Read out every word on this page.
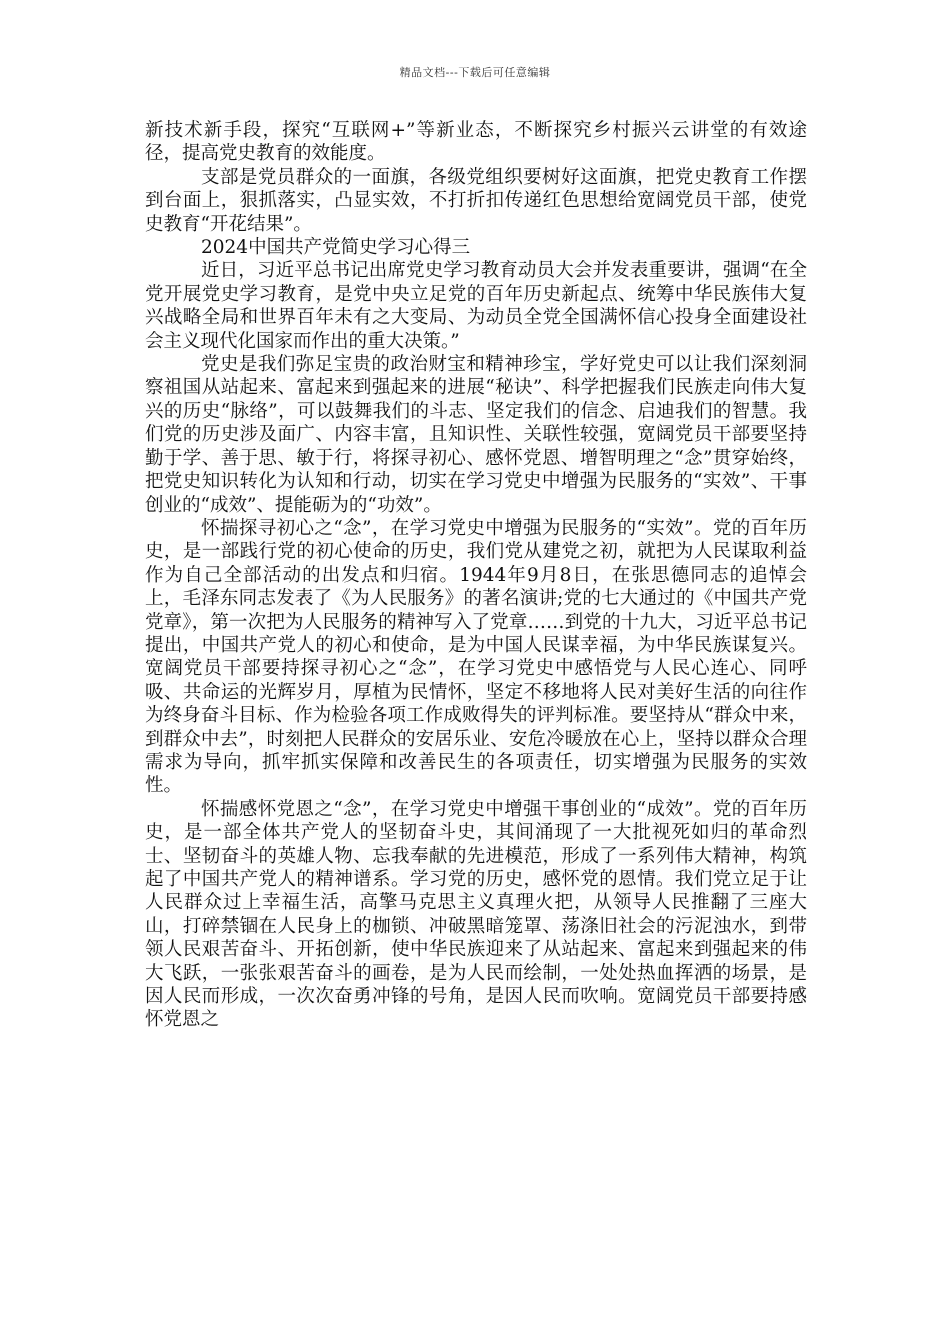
精品文档---下载后可任意编辑

新技术新手段，探究“互联网+”等新业态，不断探究乡村振兴云讲堂的有效途径，提高党史教育的效能度。

支部是党员群众的一面旗，各级党组织要树好这面旗，把党史教育工作摆到台面上，狠抓落实，凸显实效，不打折扣传递红色思想给宽阔党员干部，使党史教育“开花结果”。

2024中国共产党简史学习心得三

近日，习近平总书记出席党史学习教育动员大会并发表重要讲，强调“在全党开展党史学习教育，是党中央立足党的百年历史新起点、统筹中华民族伟大复兴战略全局和世界百年未有之大变局、为动员全党全国满怀信心投身全面建设社会主义现代化国家而作出的重大决策。”

党史是我们弥足宝贵的政治财宝和精神珍宝，学好党史可以让我们深刻洞察祖国从站起来、富起来到强起来的进展“秘诀”、科学把握我们民族走向伟大复兴的历史“脉络”，可以鼓舞我们的斗志、坚定我们的信念、启迪我们的智慧。我们党的历史涉及面广、内容丰富，且知识性、关联性较强，宽阔党员干部要坚持勤于学、善于思、敏于行，将探寻初心、感怀党恩、增智明理之“念”贯穿始终，把党史知识转化为认知和行动，切实在学习党史中增强为民服务的“实效”、干事创业的“成效”、提能砺为的“功效”。

怀揣探寻初心之“念”，在学习党史中增强为民服务的“实效”。党的百年历史，是一部践行党的初心使命的历史，我们党从建党之初，就把为人民谋取利益作为自己全部活动的出发点和归宿。1944年9月8日，在张思德同志的追悼会上，毛泽东同志发表了《为人民服务》的著名演讲;党的七大通过的《中国共产党党章》，第一次把为人民服务的精神写入了党章……到党的十九大，习近平总书记提出，中国共产党人的初心和使命，是为中国人民谋幸福，为中华民族谋复兴。宽阔党员干部要持探寻初心之“念”，在学习党史中感悟党与人民心连心、同呼吸、共命运的光辉岁月，厚植为民情怀，坚定不移地将人民对美好生活的向往作为终身奋斗目标、作为检验各项工作成败得失的评判标准。要坚持从“群众中来，到群众中去”，时刻把人民群众的安居乐业、安危冷暖放在心上，坚持以群众合理需求为导向，抓牢抓实保障和改善民生的各项责任，切实增强为民服务的实效性。

怀揣感怀党恩之“念”，在学习党史中增强干事创业的“成效”。党的百年历史，是一部全体共产党人的坚韧奋斗史，其间涌现了一大批视死如归的革命烈士、坚韧奋斗的英雄人物、忘我奉献的先进模范，形成了一系列伟大精神，构筑起了中国共产党人的精神谱系。学习党的历史，感怀党的恩情。我们党立足于让人民群众过上幸福生活，高擎马克思主义真理火把，从领导人民推翻了三座大山，打碎禁锢在人民身上的枷锁、冲破黑暗笼罩、荡涤旧社会的污泥浊水，到带领人民艰苦奋斗、开拓创新，使中华民族迎来了从站起来、富起来到强起来的伟大飞跃，一张张艰苦奋斗的画卷，是为人民而绘制，一处处热血挥洒的场景，是因人民而形成，一次次奋勇冲锋的号角，是因人民而吹响。宽阔党员干部要持感怀党恩之
